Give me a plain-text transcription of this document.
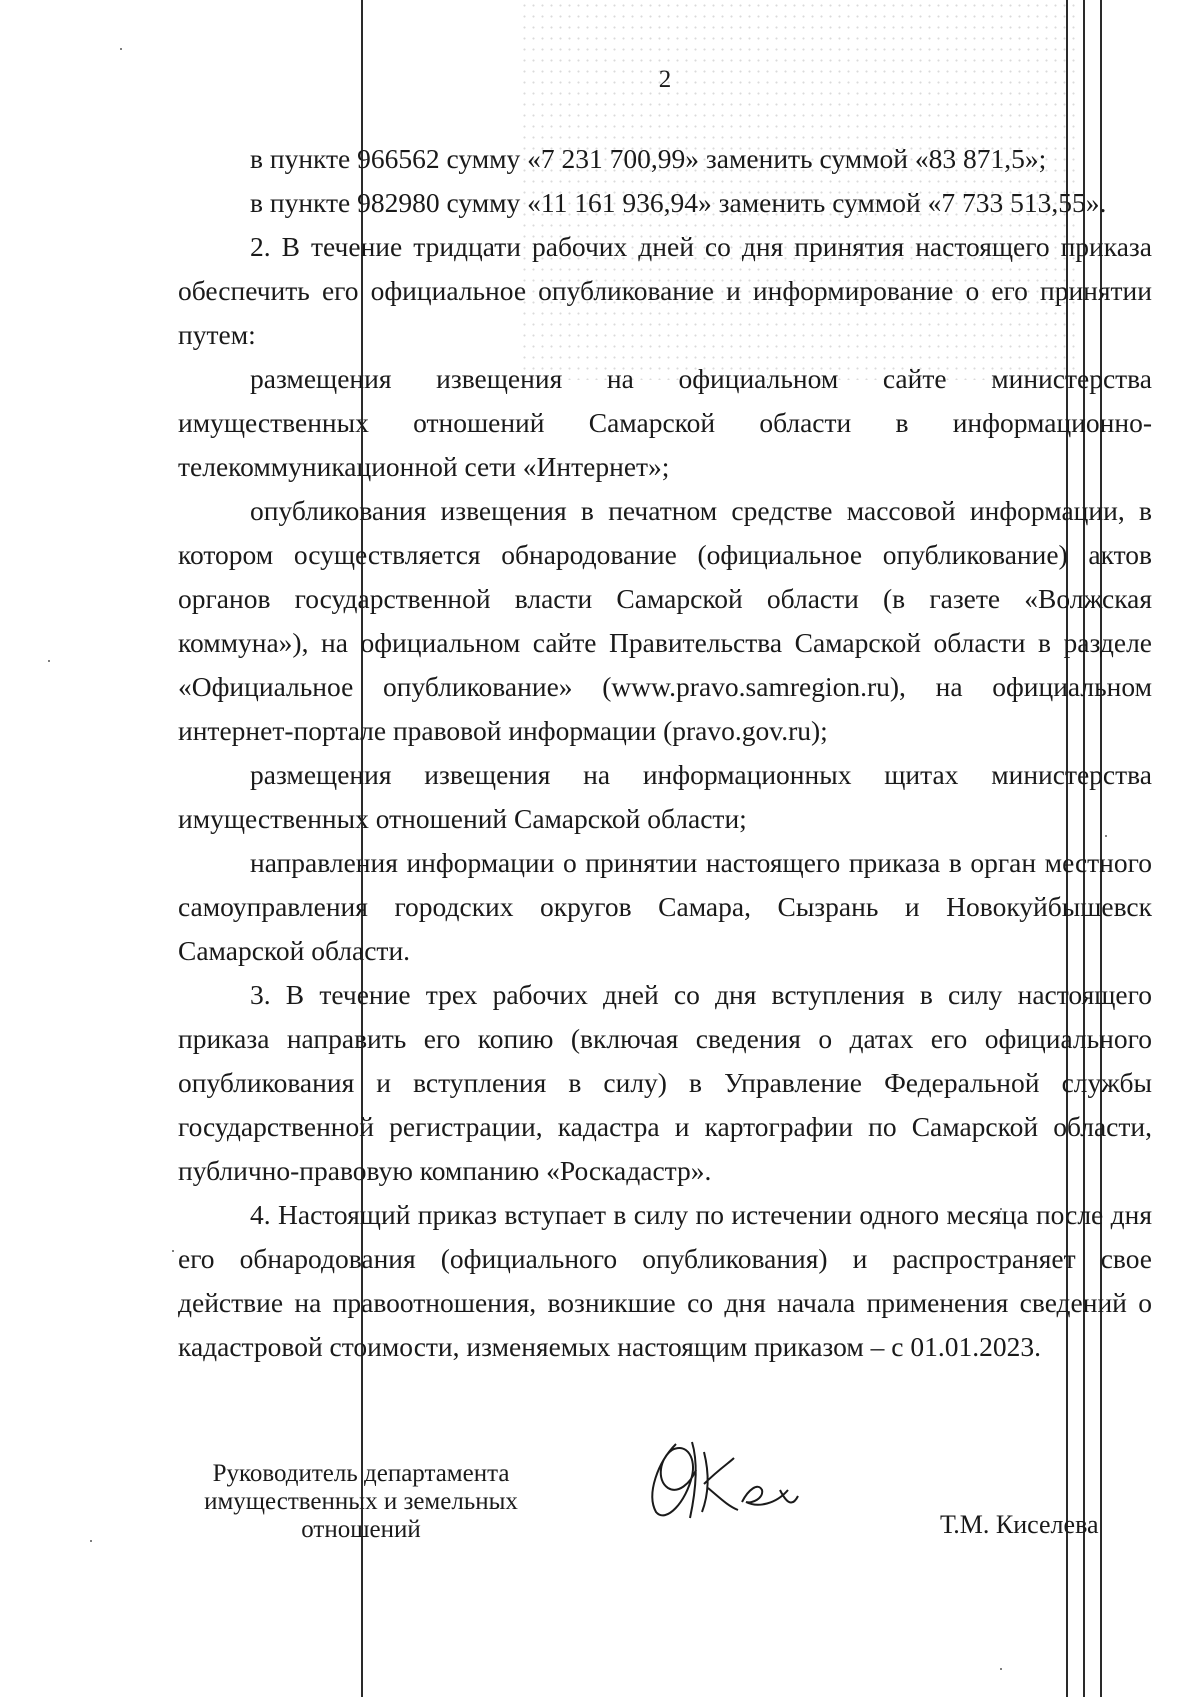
2

в пункте 966562 сумму «7 231 700,99» заменить суммой «83 871,5»;

в пункте 982980 сумму «11 161 936,94» заменить суммой «7 733 513,55».

2. В течение тридцати рабочих дней со дня принятия настоящего приказа обеспечить его официальное опубликование и информирование о его принятии путем:

размещения извещения на официальном сайте министерства имущественных отношений Самарской области в информационно-телекоммуникационной сети «Интернет»;

опубликования извещения в печатном средстве массовой информации, в котором осуществляется обнародование (официальное опубликование) актов органов государственной власти Самарской области (в газете «Волжская коммуна»), на официальном сайте Правительства Самарской области в разделе «Официальное опубликование» (www.pravo.samregion.ru), на официальном интернет-портале правовой информации (pravo.gov.ru);

размещения извещения на информационных щитах министерства имущественных отношений Самарской области;

направления информации о принятии настоящего приказа в орган местного самоуправления городских округов Самара, Сызрань и Новокуйбышевск Самарской области.

3. В течение трех рабочих дней со дня вступления в силу настоящего приказа направить его копию (включая сведения о датах его официального опубликования и вступления в силу) в Управление Федеральной службы государственной регистрации, кадастра и картографии по Самарской области, публично-правовую компанию «Роскадастр».

4. Настоящий приказ вступает в силу по истечении одного месяца после дня его обнародования (официального опубликования) и распространяет свое действие на правоотношения, возникшие со дня начала применения сведений о кадастровой стоимости, изменяемых настоящим приказом – с 01.01.2023.

Руководитель департамента
имущественных и земельных
отношений	Т.М. Киселева
